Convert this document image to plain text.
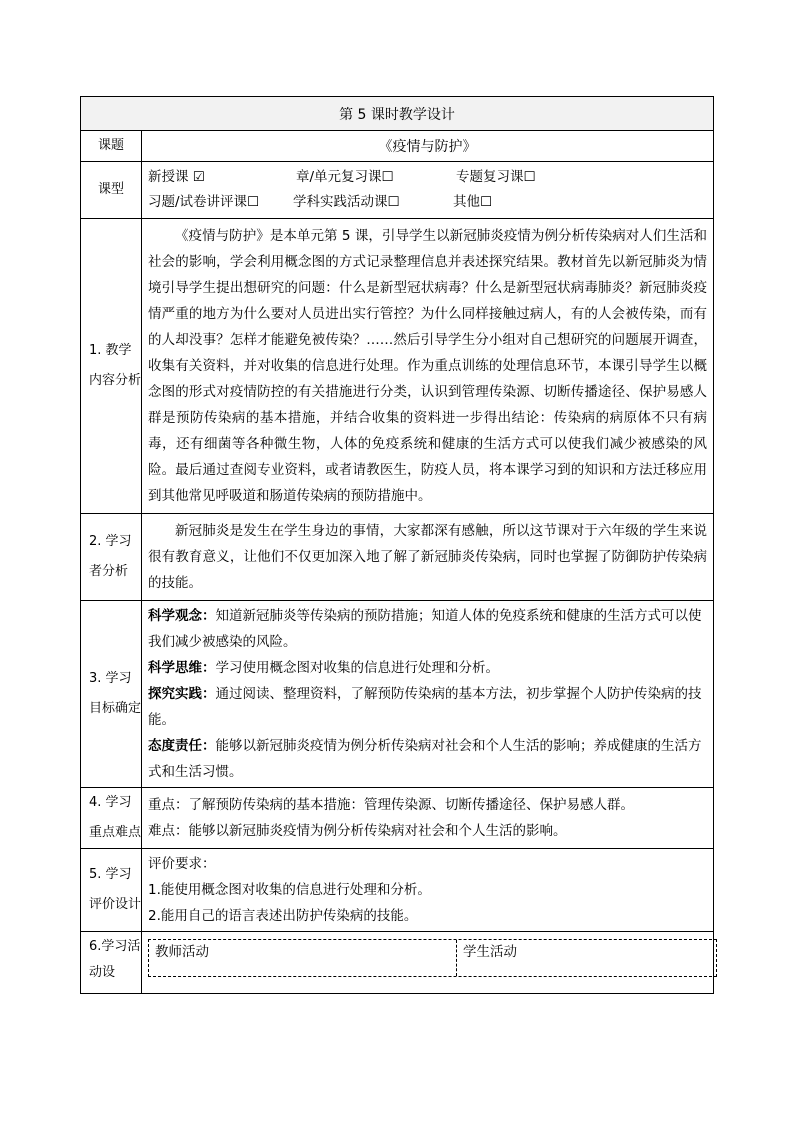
第 5 课时教学设计	
课题	《疫情与防护》
课型	新授课 ☑ 章/单元复习课☐ 专题复习课☐
习题/试卷讲评课☐ 学科实践活动课☐ 其他☐

1. 教学内容分析	《疫情与防护》是本单元第 5 课，引导学生以新冠肺炎疫情为例分析传染病对人们生活和社会的影响，学会利用概念图的方式记录整理信息并表述探究结果。教材首先以新冠肺炎为情境引导学生提出想研究的问题：什么是新型冠状病毒？什么是新型冠状病毒肺炎？新冠肺炎疫情严重的地方为什么要对人员进出实行管控？为什么同样接触过病人，有的人会被传染，而有的人却没事？怎样才能避免被传染？……然后引导学生分小组对自己想研究的问题展开调查，收集有关资料，并对收集的信息进行处理。作为重点训练的处理信息环节，本课引导学生以概念图的形式对疫情防控的有关措施进行分类，认识到管理传染源、切断传播途径、保护易感人群是预防传染病的基本措施，并结合收集的资料进一步得出结论：传染病的病原体不只有病毒，还有细菌等各种微生物，人体的免疫系统和健康的生活方式可以使我们减少被感染的风险。最后通过查阅专业资料，或者请教医生，防疫人员，将本课学习到的知识和方法迁移应用到其他常见呼吸道和肠道传染病的预防措施中。

2. 学习者分析	新冠肺炎是发生在学生身边的事情，大家都深有感触，所以这节课对于六年级的学生来说很有教育意义，让他们不仅更加深入地了解了新冠肺炎传染病，同时也掌握了防御防护传染病的技能。

3. 学习目标确定	科学观念：知道新冠肺炎等传染病的预防措施；知道人体的免疫系统和健康的生活方式可以使我们减少被感染的风险。

科学思维：学习使用概念图对收集的信息进行处理和分析。

探究实践：通过阅读、整理资料，了解预防传染病的基本方法，初步掌握个人防护传染病的技能。

态度责任：能够以新冠肺炎疫情为例分析传染病对社会和个人生活的影响；养成健康的生活方式和生活习惯。

4. 学习重点难点	重点：了解预防传染病的基本措施：管理传染源、切断传播途径、保护易感人群。

难点：能够以新冠肺炎疫情为例分析传染病对社会和个人生活的影响。

5. 学习评价设计	评价要求：

1.能使用概念图对收集的信息进行处理和分析。

2.能用自己的语言表述出防护传染病的技能。

6.学习活动设	教师活动 学生活动
